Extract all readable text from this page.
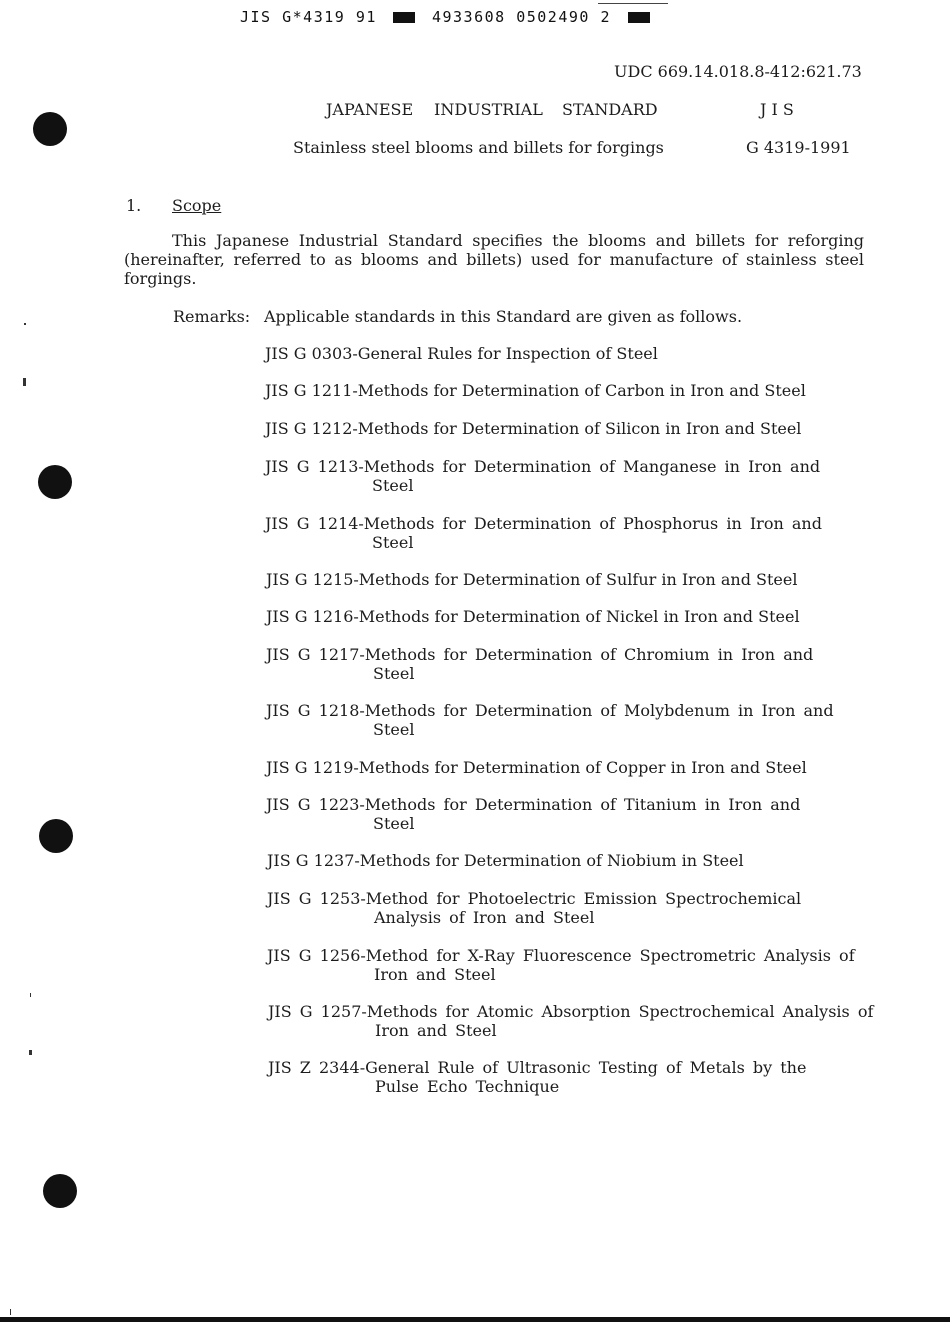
JIS G*4319 91	4933608 0502490 2
UDC 669.14.018.8-412:621.73
JAPANESE INDUSTRIAL STANDARD	J I S
Stainless steel blooms and billets for forgings	G 4319-1991
1. Scope
This Japanese Industrial Standard specifies the blooms and billets for reforging (hereinafter, referred to as blooms and billets) used for manufacture of stainless steel forgings.
Remarks: Applicable standards in this Standard are given as follows.
JIS G 0303-General Rules for Inspection of Steel
JIS G 1211-Methods for Determination of Carbon in Iron and Steel
JIS G 1212-Methods for Determination of Silicon in Iron and Steel
JIS G 1213-Methods for Determination of Manganese in Iron and Steel
JIS G 1214-Methods for Determination of Phosphorus in Iron and Steel
JIS G 1215-Methods for Determination of Sulfur in Iron and Steel
JIS G 1216-Methods for Determination of Nickel in Iron and Steel
JIS G 1217-Methods for Determination of Chromium in Iron and Steel
JIS G 1218-Methods for Determination of Molybdenum in Iron and Steel
JIS G 1219-Methods for Determination of Copper in Iron and Steel
JIS G 1223-Methods for Determination of Titanium in Iron and Steel
JIS G 1237-Methods for Determination of Niobium in Steel
JIS G 1253-Method for Photoelectric Emission Spectrochemical Analysis of Iron and Steel
JIS G 1256-Method for X-Ray Fluorescence Spectrometric Analysis of Iron and Steel
JIS G 1257-Methods for Atomic Absorption Spectrochemical Analysis of Iron and Steel
JIS Z 2344-General Rule of Ultrasonic Testing of Metals by the Pulse Echo Technique
